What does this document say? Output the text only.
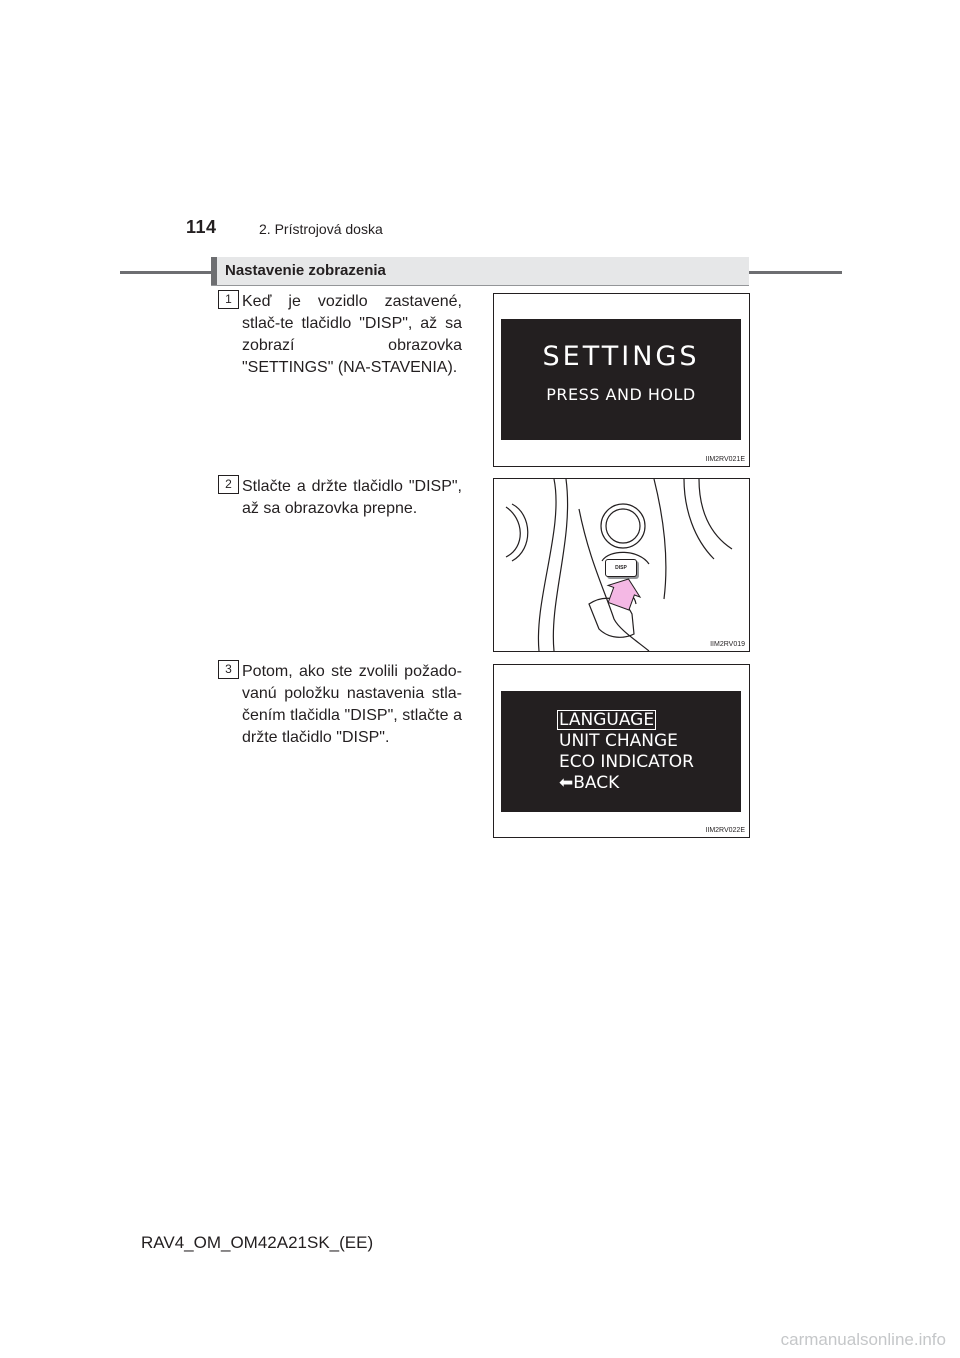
114	2. Prístrojová doska
Nastavenie zobrazenia
1 Keď je vozidlo zastavené, stlač-te tlačidlo "DISP", až sa zobrazí obrazovka "SETTINGS" (NA-STAVENIA).	SETTINGS
PRESS AND HOLD
IIM2RV021E
2 Stlačte a držte tlačidlo "DISP", až sa obrazovka prepne.
DISP
IIM2RV019
3 Potom, ako ste zvolili požado-vanú položku nastavenia stla-čením tlačidla "DISP", stlačte a držte tlačidlo "DISP".
LANGUAGE
UNIT CHANGE
ECO INDICATOR
⬅BACK
IIM2RV022E
RAV4_OM_OM42A21SK_(EE)
carmanualsonline.info
